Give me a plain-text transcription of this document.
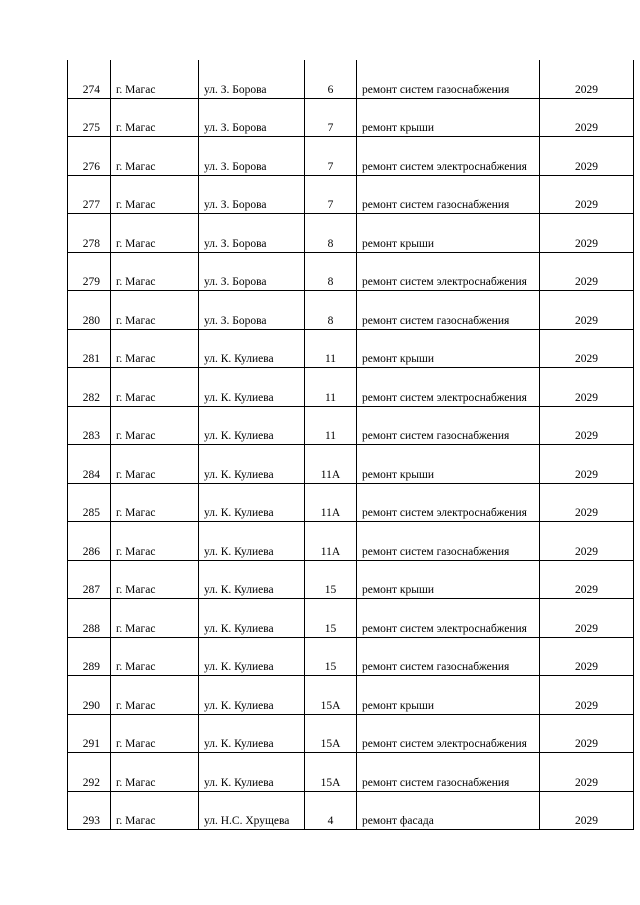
274	г. Магас	ул. З. Борова	6	ремонт систем газоснабжения	2029
275	г. Магас	ул. З. Борова	7	ремонт крыши	2029
276	г. Магас	ул. З. Борова	7	ремонт систем электроснабжения	2029
277	г. Магас	ул. З. Борова	7	ремонт систем газоснабжения	2029
278	г. Магас	ул. З. Борова	8	ремонт крыши	2029
279	г. Магас	ул. З. Борова	8	ремонт систем электроснабжения	2029
280	г. Магас	ул. З. Борова	8	ремонт систем газоснабжения	2029
281	г. Магас	ул. К. Кулиева	11	ремонт крыши	2029
282	г. Магас	ул. К. Кулиева	11	ремонт систем электроснабжения	2029
283	г. Магас	ул. К. Кулиева	11	ремонт систем газоснабжения	2029
284	г. Магас	ул. К. Кулиева	11А	ремонт крыши	2029
285	г. Магас	ул. К. Кулиева	11А	ремонт систем электроснабжения	2029
286	г. Магас	ул. К. Кулиева	11А	ремонт систем газоснабжения	2029
287	г. Магас	ул. К. Кулиева	15	ремонт крыши	2029
288	г. Магас	ул. К. Кулиева	15	ремонт систем электроснабжения	2029
289	г. Магас	ул. К. Кулиева	15	ремонт систем газоснабжения	2029
290	г. Магас	ул. К. Кулиева	15А	ремонт крыши	2029
291	г. Магас	ул. К. Кулиева	15А	ремонт систем электроснабжения	2029
292	г. Магас	ул. К. Кулиева	15А	ремонт систем газоснабжения	2029
293	г. Магас	ул. Н.С. Хрущева	4	ремонт фасада	2029
